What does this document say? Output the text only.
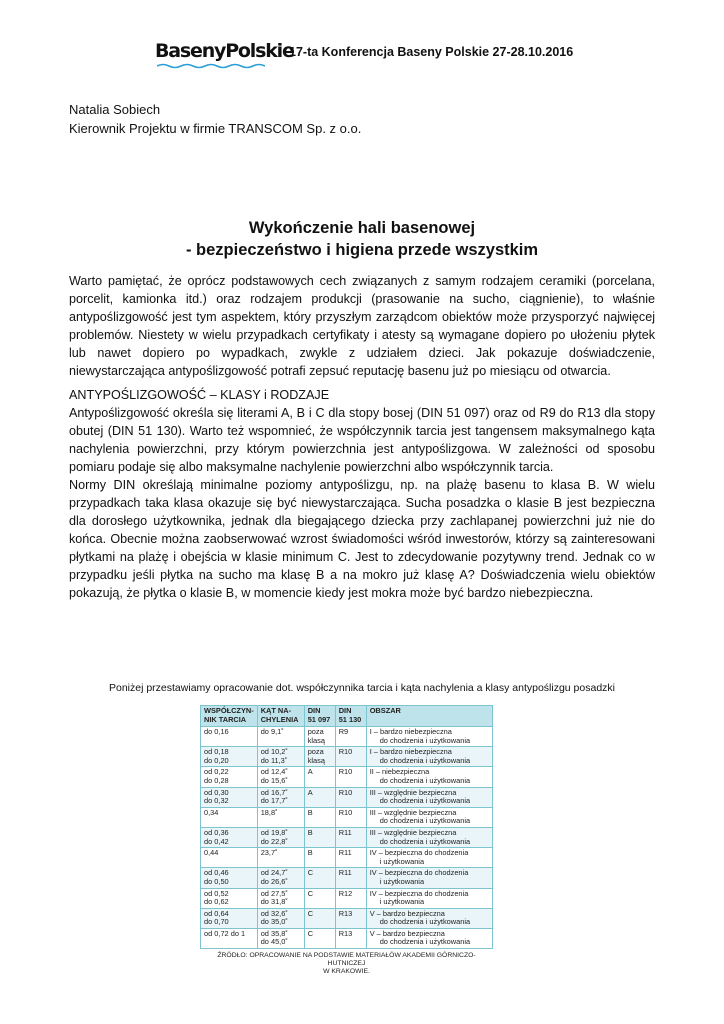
BasenyPolskie
17-ta Konferencja Baseny Polskie 27-28.10.2016
Natalia Sobiech
Kierownik Projektu w firmie TRANSCOM Sp. z o.o.
Wykończenie hali basenowej
- bezpieczeństwo i higiena przede wszystkim

Warto pamiętać, że oprócz podstawowych cech związanych z samym rodzajem ceramiki (porcelana, porcelit, kamionka itd.) oraz rodzajem produkcji (prasowanie na sucho, ciągnienie), to właśnie antypoślizgowość jest tym aspektem, który przyszłym zarządcom obiektów może przysporzyć najwięcej problemów. Niestety w wielu przypadkach certyfikaty i atesty są wymagane dopiero po ułożeniu płytek lub nawet dopiero po wypadkach, zwykle z udziałem dzieci. Jak pokazuje doświadczenie, niewystarczająca antypoślizgowość potrafi zepsuć reputację basenu już po miesiącu od otwarcia.

ANTYPOŚLIZGOWOŚĆ – KLASY i RODZAJE

Antypoślizgowość określa się literami A, B i C dla stopy bosej (DIN 51 097) oraz od R9 do R13 dla stopy obutej (DIN 51 130). Warto też wspomnieć, że współczynnik tarcia jest tangensem maksymalnego kąta nachylenia powierzchni, przy którym powierzchnia jest antypoślizgowa. W zależności od sposobu pomiaru podaje się albo maksymalne nachylenie powierzchni albo współczynnik tarcia.

Normy DIN określają minimalne poziomy antypoślizgu, np. na plażę basenu to klasa B. W wielu przypadkach taka klasa okazuje się być niewystarczająca. Sucha posadzka o klasie B jest bezpieczna dla dorosłego użytkownika, jednak dla biegającego dziecka przy zachlapanej powierzchni już nie do końca. Obecnie można zaobserwować wzrost świadomości wśród inwestorów, którzy są zainteresowani płytkami na plażę i obejścia w klasie minimum C. Jest to zdecydowanie pozytywny trend. Jednak co w przypadku jeśli płytka na sucho ma klasę B a na mokro już klasę A? Doświadczenia wielu obiektów pokazują, że płytka o klasie B, w momencie kiedy jest mokra może być bardzo niebezpieczna.

Poniżej przestawiamy opracowanie dot. współczynnika tarcia i kąta nachylenia a klasy antypoślizgu posadzki
WSPÓŁCZYN-
NIK TARCIA	KĄT NA-
CHYLENIA	DIN
51 097	DIN
51 130	OBSZAR
do 0,16	do 9,1˚	poza
klasą	R9	I – bardzo niebezpieczna
do chodzenia i użytkowania

od 0,18
do 0,20	od 10,2˚
do 11,3˚	poza
klasą	R10	I – bardzo niebezpieczna
do chodzenia i użytkowania

od 0,22
do 0,28	od 12,4˚
do 15,6˚	A	R10	II – niebezpieczna
do chodzenia i użytkowania

od 0,30
do 0,32	od 16,7˚
do 17,7˚	A	R10	III – względnie bezpieczna
do chodzenia i użytkowania

0,34	18,8˚	B	R10	III – względnie bezpieczna
do chodzenia i użytkowania

od 0,36
do 0,42	od 19,8˚
do 22,8˚	B	R11	III – względnie bezpieczna
do chodzenia i użytkowania

0,44	23,7˚	B	R11	IV – bezpieczna do chodzenia
i użytkowania

od 0,46
do 0,50	od 24,7˚
do 26,6˚	C	R11	IV – bezpieczna do chodzenia
i użytkowania

od 0,52
do 0,62	od 27,5˚
do 31,8˚	C	R12	IV – bezpieczna do chodzenia
i użytkowania

od 0,64
do 0,70	od 32,6˚
do 35,0˚	C	R13	V – bardzo bezpieczna
do chodzenia i użytkowania

od 0,72 do 1	od 35,8˚
do 45,0˚	C	R13	V – bardzo bezpieczna
do chodzenia i użytkowania
ŹRÓDŁO: OPRACOWANIE NA PODSTAWIE MATERIAŁÓW AKADEMII GÓRNICZO-HUTNICZEJ
W KRAKOWIE.
